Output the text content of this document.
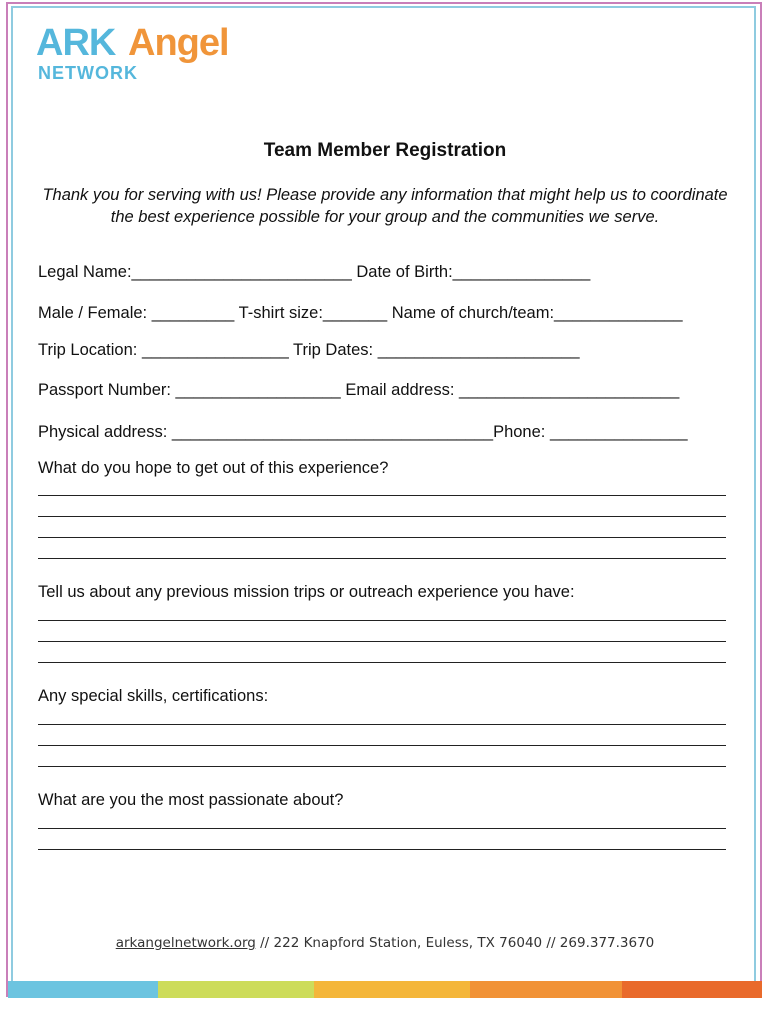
ARK Angel
NETWORK
Team Member Registration
Thank you for serving with us! Please provide any information that might help us to coordinate the best experience possible for your group and the communities we serve.
Legal Name:________________________ Date of Birth:_______________
Male / Female: _________ T-shirt size:_______ Name of church/team:______________
Trip Location: ________________ Trip Dates: ______________________
Passport Number: __________________ Email address: ________________________
Physical address: ___________________________________Phone: _______________
What do you hope to get out of this experience?
Tell us about any previous mission trips or outreach experience you have:
Any special skills, certifications:
What are you the most passionate about?
arkangelnetwork.org // 222 Knapford Station, Euless, TX 76040 // 269.377.3670
